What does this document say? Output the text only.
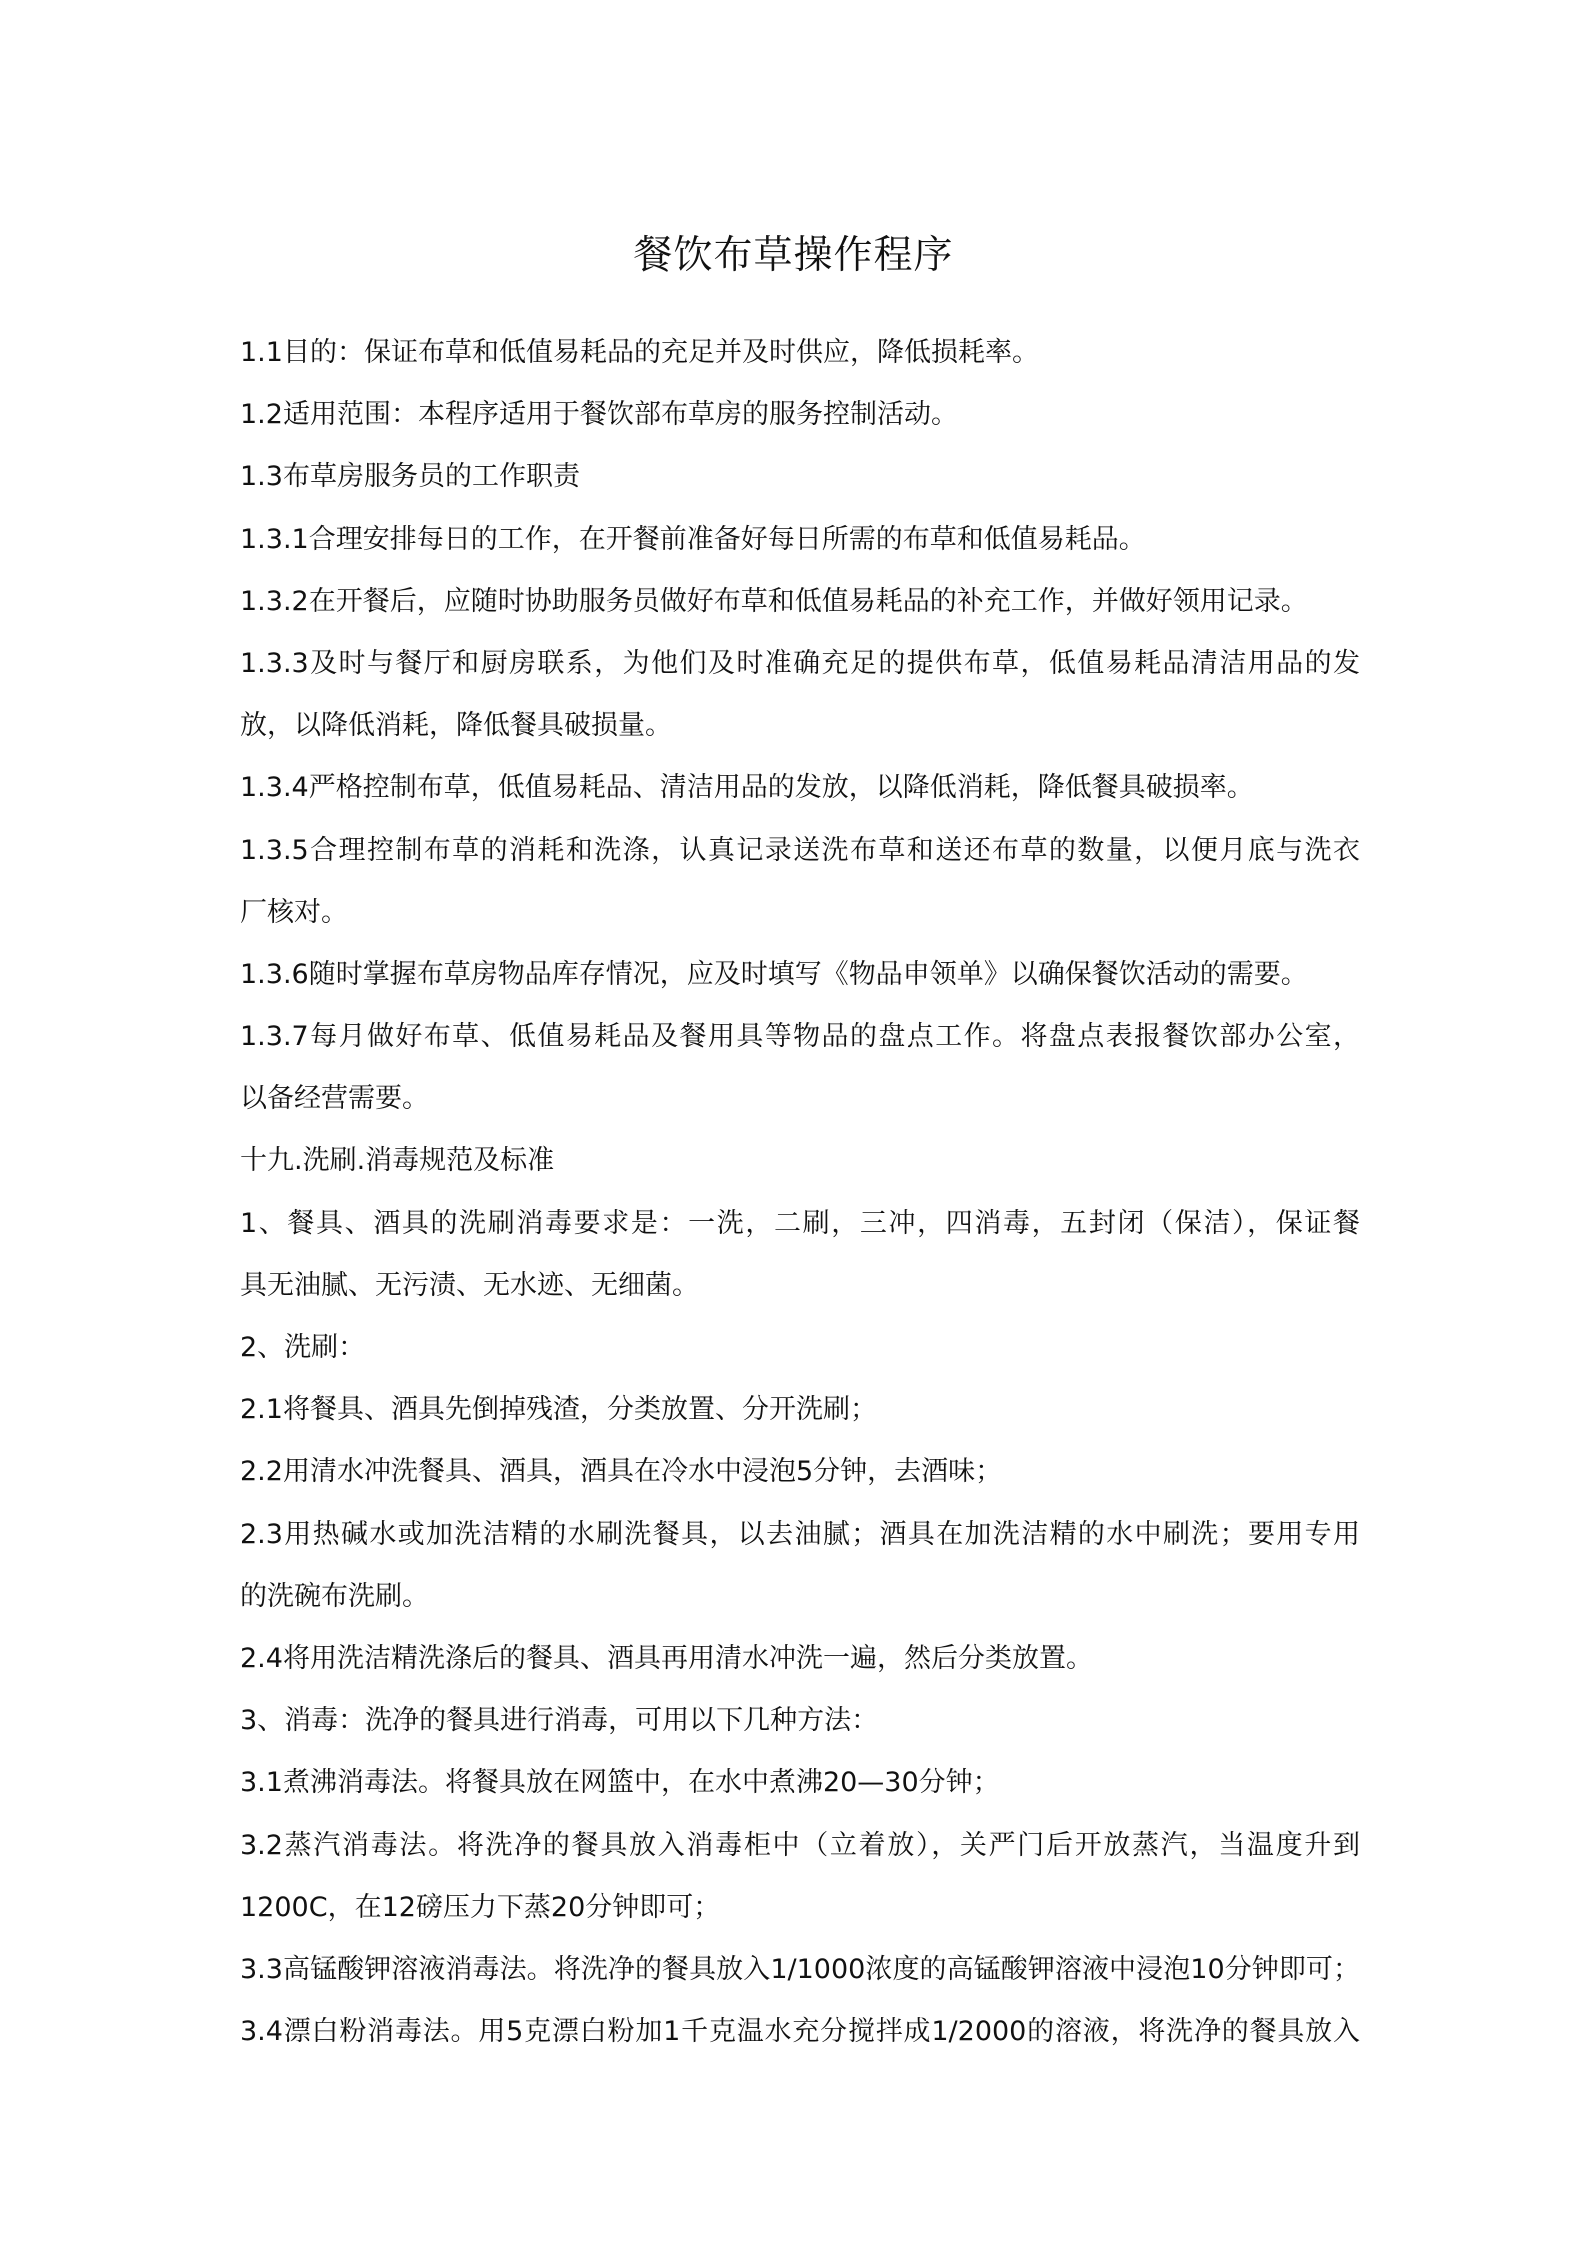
餐饮布草操作程序
1.1目的：保证布草和低值易耗品的充足并及时供应，降低损耗率。
1.2适用范围：本程序适用于餐饮部布草房的服务控制活动。
1.3布草房服务员的工作职责
1.3.1合理安排每日的工作，在开餐前准备好每日所需的布草和低值易耗品。
1.3.2在开餐后，应随时协助服务员做好布草和低值易耗品的补充工作，并做好领用记录。
1.3.3及时与餐厅和厨房联系，为他们及时准确充足的提供布草，低值易耗品清洁用品的发
放，以降低消耗，降低餐具破损量。
1.3.4严格控制布草，低值易耗品、清洁用品的发放，以降低消耗，降低餐具破损率。
1.3.5合理控制布草的消耗和洗涤，认真记录送洗布草和送还布草的数量，以便月底与洗衣
厂核对。
1.3.6随时掌握布草房物品库存情况，应及时填写《物品申领单》以确保餐饮活动的需要。
1.3.7每月做好布草、低值易耗品及餐用具等物品的盘点工作。将盘点表报餐饮部办公室，
以备经营需要。
十九.洗刷.消毒规范及标准
1、餐具、酒具的洗刷消毒要求是：一洗，二刷，三冲，四消毒，五封闭（保洁），保证餐
具无油腻、无污渍、无水迹、无细菌。
2、洗刷：
2.1将餐具、酒具先倒掉残渣，分类放置、分开洗刷；
2.2用清水冲洗餐具、酒具，酒具在冷水中浸泡5分钟，去酒味；
2.3用热碱水或加洗洁精的水刷洗餐具，以去油腻；酒具在加洗洁精的水中刷洗；要用专用
的洗碗布洗刷。
2.4将用洗洁精洗涤后的餐具、酒具再用清水冲洗一遍，然后分类放置。
3、消毒：洗净的餐具进行消毒，可用以下几种方法：
3.1煮沸消毒法。将餐具放在网篮中，在水中煮沸20—30分钟；
3.2蒸汽消毒法。将洗净的餐具放入消毒柜中（立着放），关严门后开放蒸汽，当温度升到
1200C，在12磅压力下蒸20分钟即可；
3.3高锰酸钾溶液消毒法。将洗净的餐具放入1/1000浓度的高锰酸钾溶液中浸泡10分钟即可；
3.4漂白粉消毒法。用5克漂白粉加1千克温水充分搅拌成1/2000的溶液，将洗净的餐具放入
